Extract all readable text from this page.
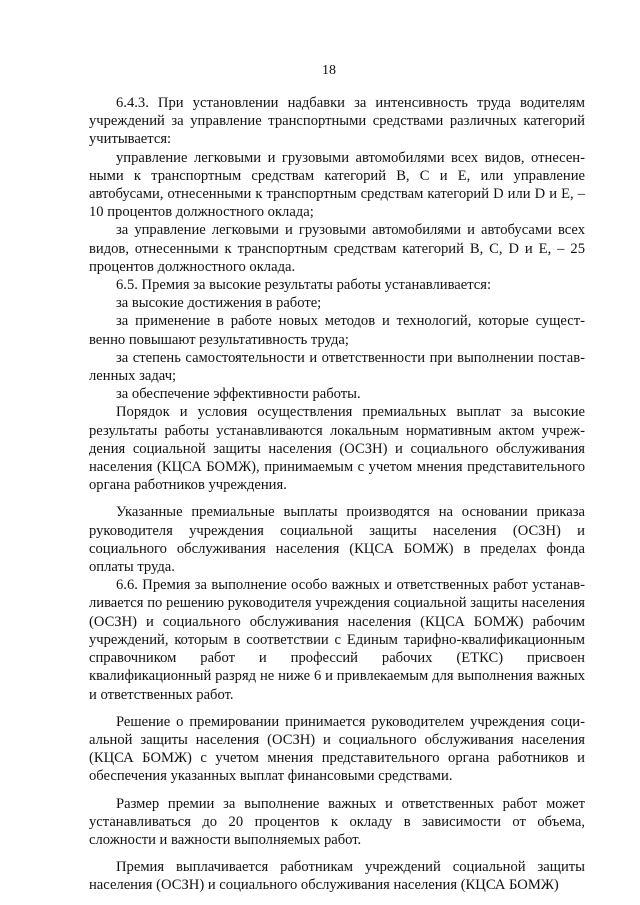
18

6.4.3. При установлении надбавки за интенсивность труда водителям учреждений за управление транспортными средствами различных категорий учитывается:

управление легковыми и грузовыми автомобилями всех видов, отнесенными к транспортным средствам категорий В, С и Е, или управление автобусами, отнесенными к транспортным средствам категорий D или D и E, – 10 процентов должностного оклада;

за управление легковыми и грузовыми автомобилями и автобусами всех видов, отнесенными к транспортным средствам категорий В, С, D и E, – 25 процентов должностного оклада.

6.5. Премия за высокие результаты работы устанавливается:

за высокие достижения в работе;

за применение в работе новых методов и технологий, которые существенно повышают результативность труда;

за степень самостоятельности и ответственности при выполнении поставленных задач;

за обеспечение эффективности работы.

Порядок и условия осуществления премиальных выплат за высокие результаты работы устанавливаются локальным нормативным актом учреждения социальной защиты населения (ОСЗН) и социального обслуживания населения (КЦСА БОМЖ), принимаемым с учетом мнения представительного органа работников учреждения.

Указанные премиальные выплаты производятся на основании приказа руководителя учреждения социальной защиты населения (ОСЗН) и социального обслуживания населения (КЦСА БОМЖ) в пределах фонда оплаты труда.

6.6. Премия за выполнение особо важных и ответственных работ устанавливается по решению руководителя учреждения социальной защиты населения (ОСЗН) и социального обслуживания населения (КЦСА БОМЖ) рабочим учреждений, которым в соответствии с Единым тарифно-квалификационным справочником работ и профессий рабочих (ЕТКС) присвоен квалификационный разряд не ниже 6 и привлекаемым для выполнения важных и ответственных работ.

Решение о премировании принимается руководителем учреждения социальной защиты населения (ОСЗН) и социального обслуживания населения (КЦСА БОМЖ) с учетом мнения представительного органа работников и обеспечения указанных выплат финансовыми средствами.

Размер премии за выполнение важных и ответственных работ может устанавливаться до 20 процентов к окладу в зависимости от объема, сложности и важности выполняемых работ.

Премия выплачивается работникам учреждений социальной защиты населения (ОСЗН) и социального обслуживания населения (КЦСА БОМЖ)
